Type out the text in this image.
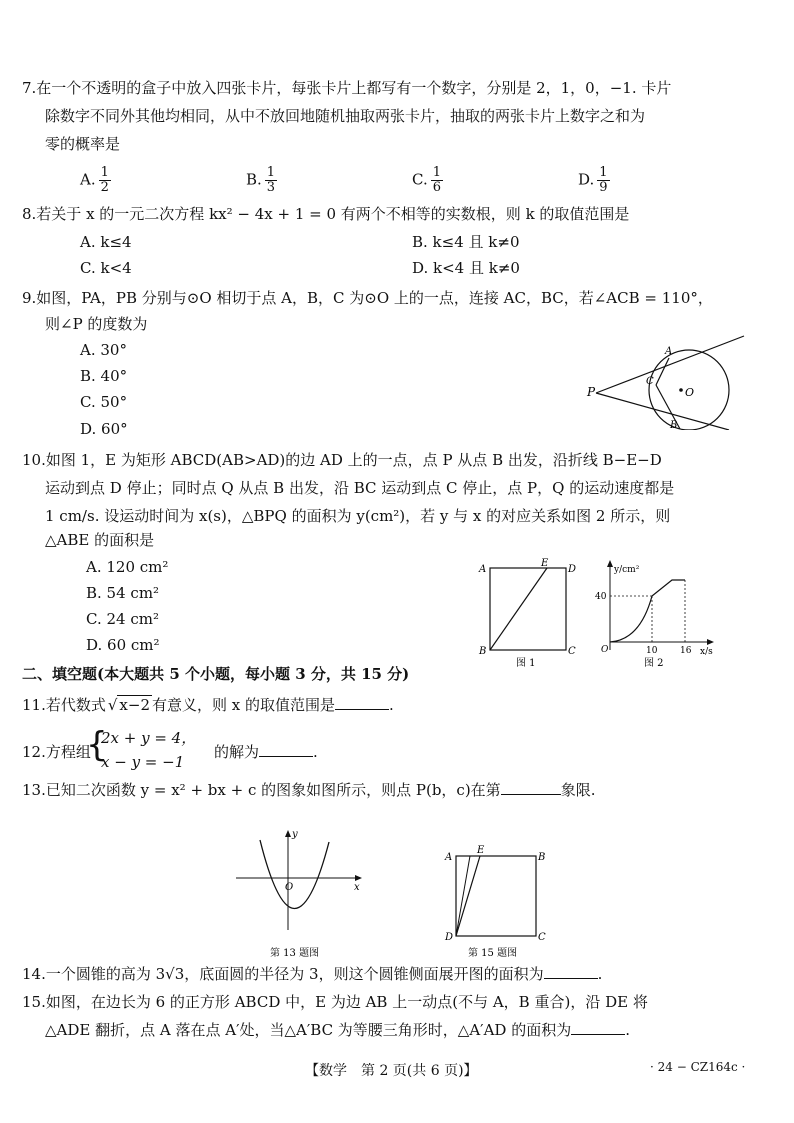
7.在一个不透明的盒子中放入四张卡片，每张卡片上都写有一个数字，分别是 2，1，0，−1. 卡片
除数字不同外其他均相同，从中不放回地随机抽取两张卡片，抽取的两张卡片上数字之和为
零的概率是
A. $\frac{1}{2}$	B. $\frac{1}{3}$	C. $\frac{1}{6}$	D. $\frac{1}{9}$
8.若关于 x 的一元二次方程 kx² − 4x + 1 = 0 有两个不相等的实数根，则 k 的取值范围是
A. k≤4	B. k≤4 且 k≠0
C. k<4	D. k<4 且 k≠0
9.如图，PA，PB 分别与⊙O 相切于点 A，B，C 为⊙O 上的一点，连接 AC，BC，若∠ACB = 110°，
则∠P 的度数为
A. 30°
B. 40°
C. 50°
D. 60°
P
A
C
O
B
10.如图 1，E 为矩形 ABCD(AB>AD)的边 AD 上的一点，点 P 从点 B 出发，沿折线 B−E−D
运动到点 D 停止；同时点 Q 从点 B 出发，沿 BC 运动到点 C 停止，点 P，Q 的运动速度都是
1 cm/s. 设运动时间为 x(s)，△BPQ 的面积为 y(cm²)，若 y 与 x 的对应关系如图 2 所示，则
△ABE 的面积是
A. 120 cm²
B. 54 cm²
C. 24 cm²
D. 60 cm²
A
E
D
B	C
图 1
y/cm²
40
O	10	16 x/s
图 2
二、填空题(本大题共 5 个小题，每小题 3 分，共 15 分)
11.若代数式 √ x−2 有意义，则 x 的取值范围是	.
12.方程组
{
2x + y = 4，
x − y = −1
的解为	.
13.已知二次函数 y = x² + bx + c 的图象如图所示，则点 P(b，c)在第	象限.
y
x
O
第 13 题图
A
E
B
D	C
第 15 题图
14.一个圆锥的高为 3√3，底面圆的半径为 3，则这个圆锥侧面展开图的面积为	.
15.如图，在边长为 6 的正方形 ABCD 中，E 为边 AB 上一动点(不与 A，B 重合)，沿 DE 将
△ADE 翻折，点 A 落在点 A′处，当△A′BC 为等腰三角形时，△A′AD 的面积为	.
【数学　第 2 页(共 6 页)】	· 24 − CZ164c ·
